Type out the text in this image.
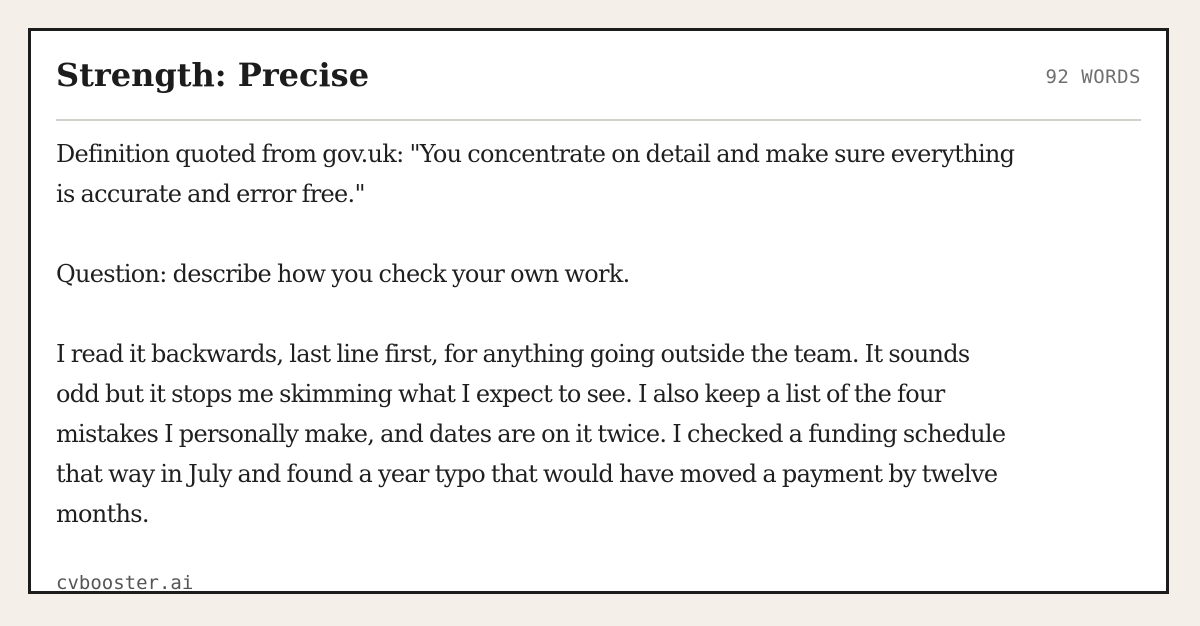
Strength: Precise	92 WORDS

Definition quoted from gov.uk: "You concentrate on detail and make sure everything is accurate and error free."

Question: describe how you check your own work.

I read it backwards, last line first, for anything going outside the team. It sounds odd but it stops me skimming what I expect to see. I also keep a list of the four mistakes I personally make, and dates are on it twice. I checked a funding schedule that way in July and found a year typo that would have moved a payment by twelve months.

cvbooster.ai
